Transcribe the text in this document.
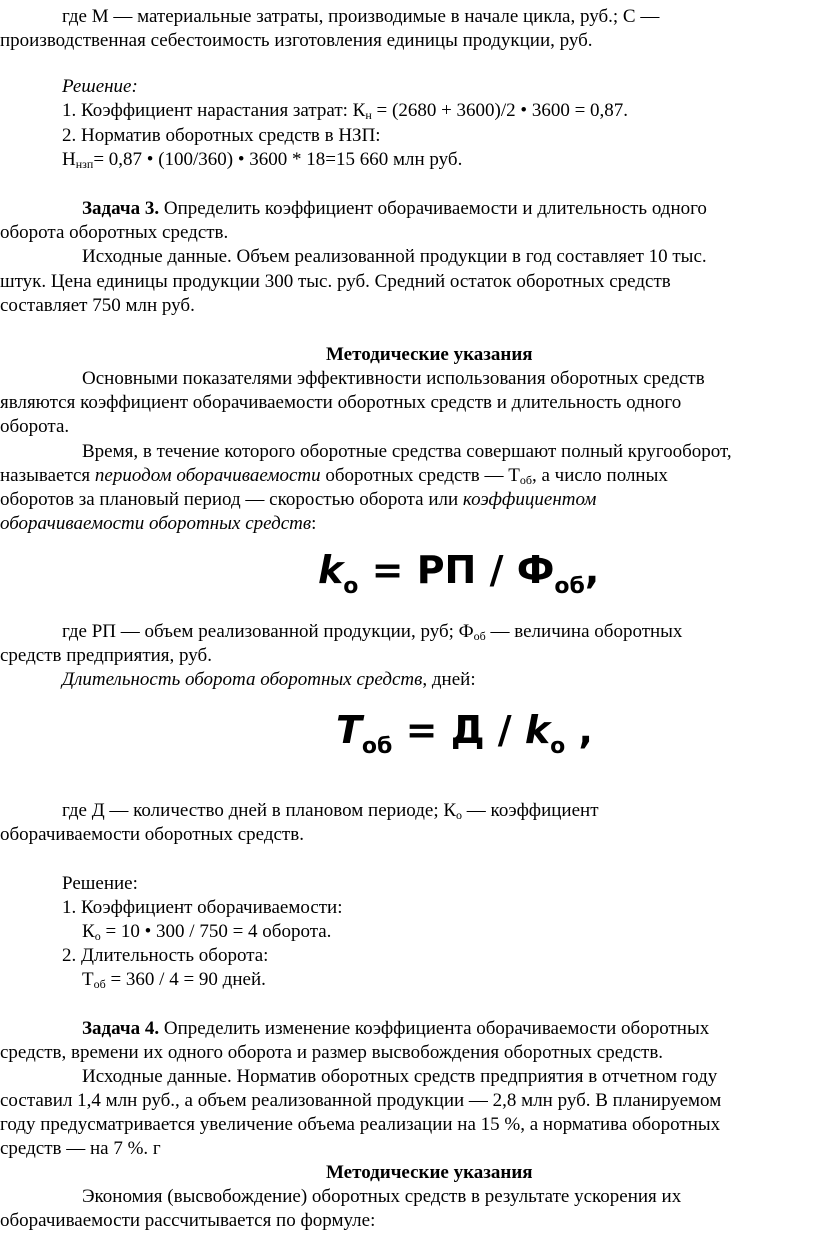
где М — материальные затраты, производимые в начале цикла, руб.; С —
производственная себестоимость изготовления единицы продукции, руб.
Решение:
1. Коэффициент нарастания затрат: $К_н = (2680 + 3600)/2$ • 3600 = 0,87.
2. Норматив оборотных средств в НЗП:
$Н_{нзп}= 0,87$ • (100/360) • 3600 * 18=15 660 млн руб.
Задача 3. Определить коэффициент оборачиваемости и длительность одного
оборота оборотных средств.
Исходные данные. Объем реализованной продукции в год составляет 10 тыс.
штук. Цена единицы продукции 300 тыс. руб. Средний остаток оборотных средств
составляет 750 млн руб.
Методические указания
Основными показателями эффективности использования оборотных средств
являются коэффициент оборачиваемости оборотных средств и длительность одного
оборота.
Время, в течение которого оборотные средства совершают полный кругооборот,
называется периодом оборачиваемости оборотных средств — $Т_{об}$, а число полных
оборотов за плановый период — скоростью оборота или коэффициентом
оборачиваемости оборотных средств:
$k_o$ = РП / $Ф_{об}$,
где РП — объем реализованной продукции, руб; $Ф_{об}$ — величина оборотных
средств предприятия, руб.
Длительность оборота оборотных средств, дней:
$T_{об} = Д / k_o$ ,
где Д — количество дней в плановом периоде; $К_о$ — коэффициент
оборачиваемости оборотных средств.
Решение:
1. Коэффициент оборачиваемости:
$К_о = 10$ • 300 / 750 = 4 оборота.
2. Длительность оборота:
$Т_{об} = 360 / 4 = 90$ дней.
Задача 4. Определить изменение коэффициента оборачиваемости оборотных
средств, времени их одного оборота и размер высвобождения оборотных средств.
Исходные данные. Норматив оборотных средств предприятия в отчетном году
составил 1,4 млн руб., а объем реализованной продукции — 2,8 млн руб. В планируемом
году предусматривается увеличение объема реализации на 15 %, а норматива оборотных
средств — на 7 %. г
Методические указания
Экономия (высвобождение) оборотных средств в результате ускорения их
оборачиваемости рассчитывается по формуле:
